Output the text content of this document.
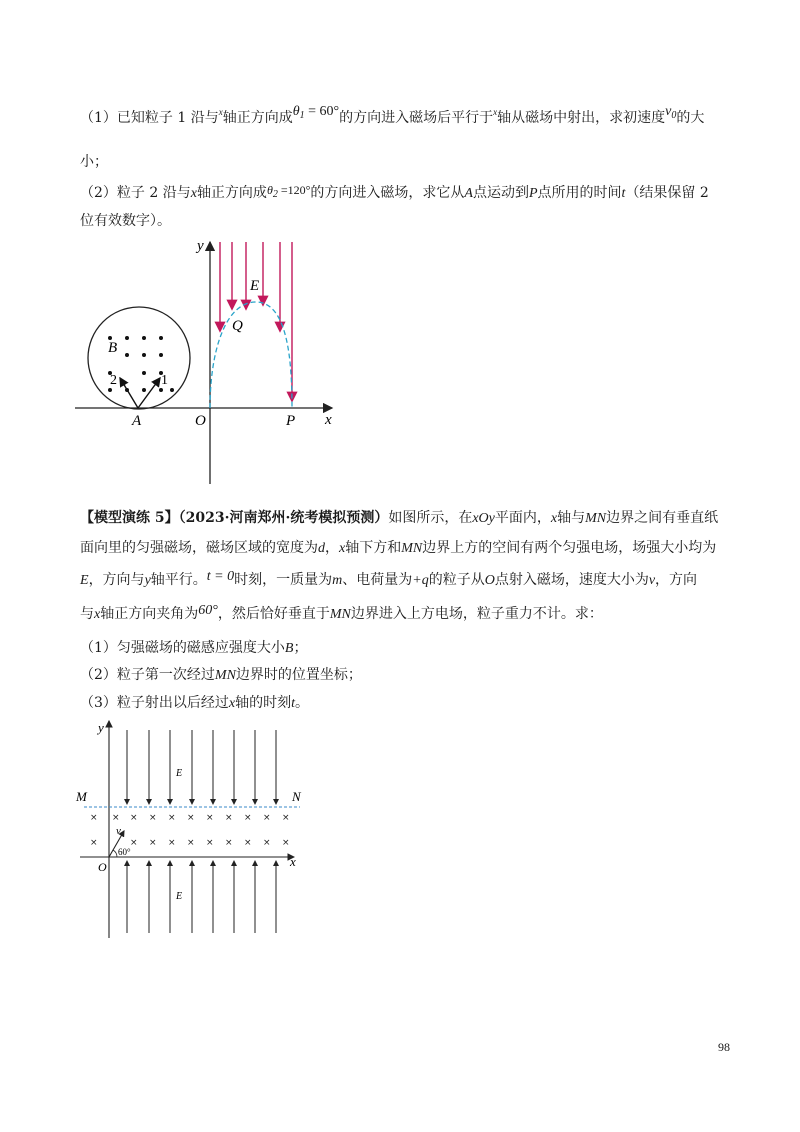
（1）已知粒子 1 沿与$^x$轴正方向成$\theta_1 = 60^\circ$的方向进入磁场后平行于$^x$轴从磁场中射出，求初速度$v_0$的大
小；
（2）粒子 2 沿与x轴正方向成$\theta_2 =120^\circ$的方向进入磁场，求它从A点运动到P点所用的时间t（结果保留 2
位有效数字）。
y
x
E
Q
B
2	1
A	O	P
【模型演练 5】（2023·河南郑州·统考模拟预测）如图所示，在xOy平面内，x轴与MN边界之间有垂直纸
面向里的匀强磁场，磁场区域的宽度为d，x轴下方和MN边界上方的空间有两个匀强电场，场强大小均为
E，方向与y轴平行。t = 0时刻，一质量为m、电荷量为+q的粒子从O点射入磁场，速度大小为v，方向
与x轴正方向夹角为60°，然后恰好垂直于MN边界进入上方电场，粒子重力不计。求：
（1）匀强磁场的磁感应强度大小B；
（2）粒子第一次经过MN边界时的位置坐标；
（3）粒子射出以后经过x轴的时刻t。
× × × × × × × × × × ×
×	× × × × × × × × ×
y
x
M	N
E
E
O
v
60°
98
